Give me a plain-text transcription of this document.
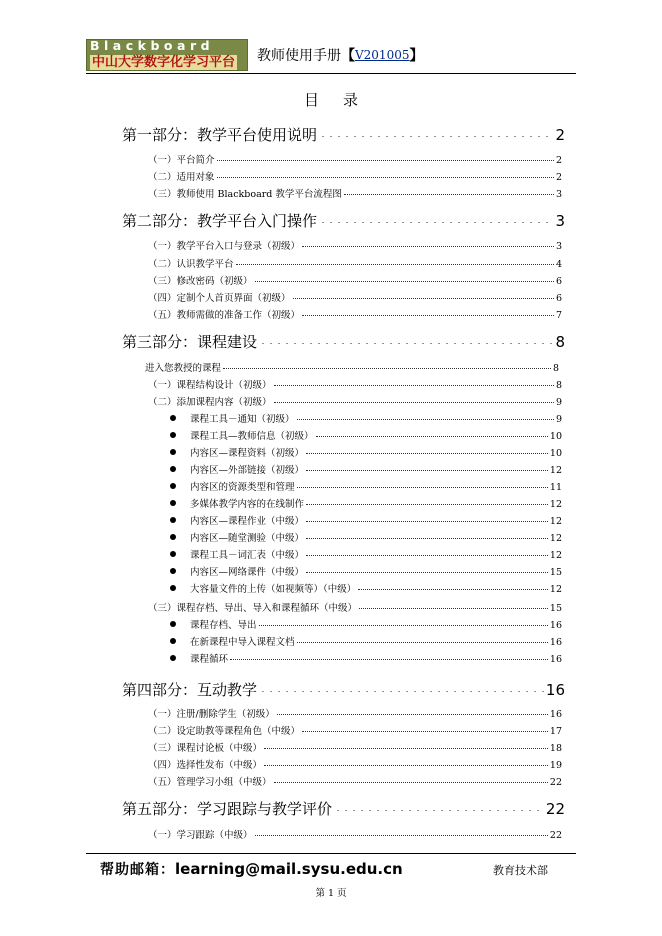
Blackboard
中山大学数字化学习平台 教师使用手册 【 V201005 】
目 录
第一部分：教学平台使用说明	2
（一）平台简介	2
（二）适用对象	2
（三）教师使用 Blackboard 教学平台流程图	3
第二部分：教学平台入门操作	3
（一）教学平台入口与登录（初级）	3
（二）认识教学平台	4
（三）修改密码（初级）	6
（四）定制个人首页界面（初级）	6
（五）教师需做的准备工作（初级）	7
第三部分：课程建设	8
进入您教授的课程	8
（一）课程结构设计（初级）	8
（二）添加课程内容（初级）	9
课程工具－通知（初级）	9
课程工具—教师信息（初级）	10
内容区—课程资料（初级）	10
内容区—外部链接（初级）	12
内容区的资源类型和管理	11
多媒体教学内容的在线制作	12
内容区—课程作业（中级）	12
内容区—随堂测验（中级）	12
课程工具－词汇表（中级）	12
内容区—网络课件（中级）	15
大容量文件的上传（如视频等）（中级）	12
（三）课程存档、导出、导入和课程循环（中级）	15
课程存档、导出	16
在新课程中导入课程文档	16
课程循环	16
第四部分：互动教学	16
（一）注册/删除学生（初级）	16
（二）设定助教等课程角色（中级）	17
（三）课程讨论板（中级）	18
（四）选择性发布（中级）	19
（五）管理学习小组（中级）	22
第五部分：学习跟踪与教学评价	22
（一）学习跟踪（中级）	22
帮助邮箱： learning@mail.sysu.edu.cn	教育技术部
第 1 页
